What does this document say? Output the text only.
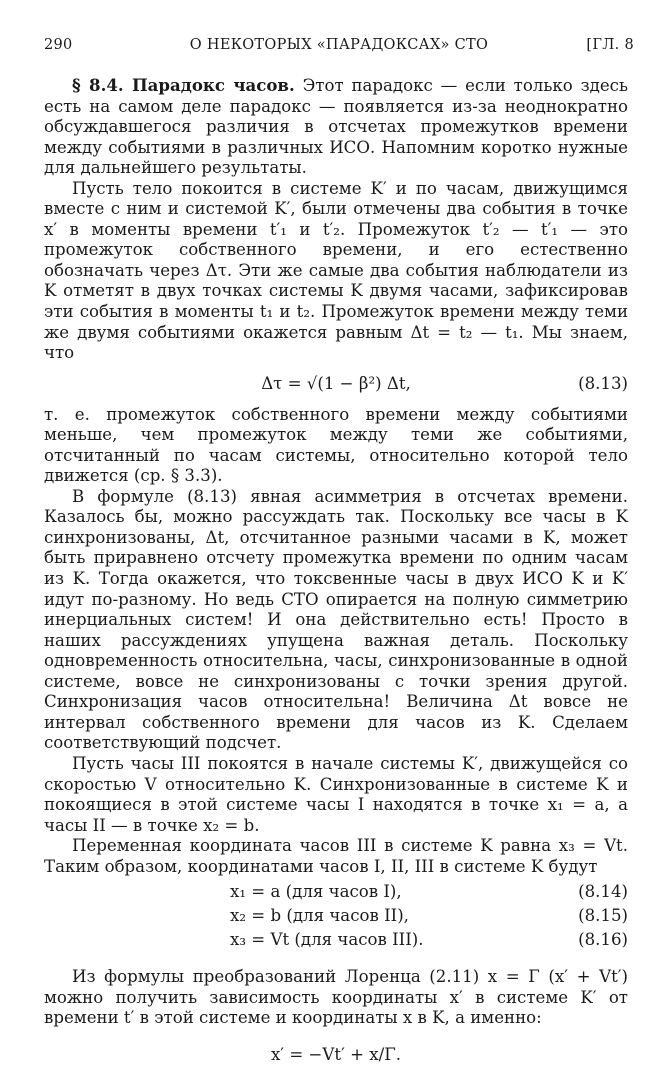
290	О НЕКОТОРЫХ «ПАРАДОКСАХ» СТО	[ГЛ. 8

§ 8.4. Парадокс часов. Этот парадокс — если только здесь есть на самом деле парадокс — появляется из-за неоднократно обсуждавшегося различия в отсчетах промежутков времени между событиями в различных ИСО. Напомним коротко нужные для дальнейшего результаты.

Пусть тело покоится в системе K′ и по часам, движущимся вместе с ним и системой K′, были отмечены два события в точке x′ в моменты времени t′₁ и t′₂. Промежуток t′₂ — t′₁ — это промежуток собственного времени, и его естественно обозначать через Δτ. Эти же самые два события наблюдатели из K отметят в двух точках системы K двумя часами, зафиксировав эти события в моменты t₁ и t₂. Промежуток времени между теми же двумя событиями окажется равным Δt = t₂ — t₁. Мы знаем, что

Δτ = √(1 − β²) Δt,	(8.13)

т. е. промежуток собственного времени между событиями меньше, чем промежуток между теми же событиями, отсчитанный по часам системы, относительно которой тело движется (ср. § 3.3).

В формуле (8.13) явная асимметрия в отсчетах времени. Казалось бы, можно рассуждать так. Поскольку все часы в K синхронизованы, Δt, отсчитанное разными часами в K, может быть приравнено отсчету промежутка времени по одним часам из K. Тогда окажется, что токсвенные часы в двух ИСО K и K′ идут по-разному. Но ведь СТО опирается на полную симметрию инерциальных систем! И она действительно есть! Просто в наших рассуждениях упущена важная деталь. Поскольку одновременность относительна, часы, синхронизованные в одной системе, вовсе не синхронизованы с точки зрения другой. Синхронизация часов относительна! Величина Δt вовсе не интервал собственного времени для часов из K. Сделаем соответствующий подсчет.

Пусть часы III покоятся в начале системы K′, движущейся со скоростью V относительно K. Синхронизованные в системе K и покоящиеся в этой системе часы I находятся в точке x₁ = a, а часы II — в точке x₂ = b.

Переменная координата часов III в системе K равна x₃ = Vt. Таким образом, координатами часов I, II, III в системе K будут

x₁ = a (для часов I),	(8.14)
x₂ = b (для часов II),	(8.15)
x₃ = Vt (для часов III).	(8.16)

Из формулы преобразований Лоренца (2.11) x = Γ (x′ + Vt′) можно получить зависимость координаты x′ в системе K′ от времени t′ в этой системе и координаты x в K, а именно:

x′ = −Vt′ + x/Γ.
